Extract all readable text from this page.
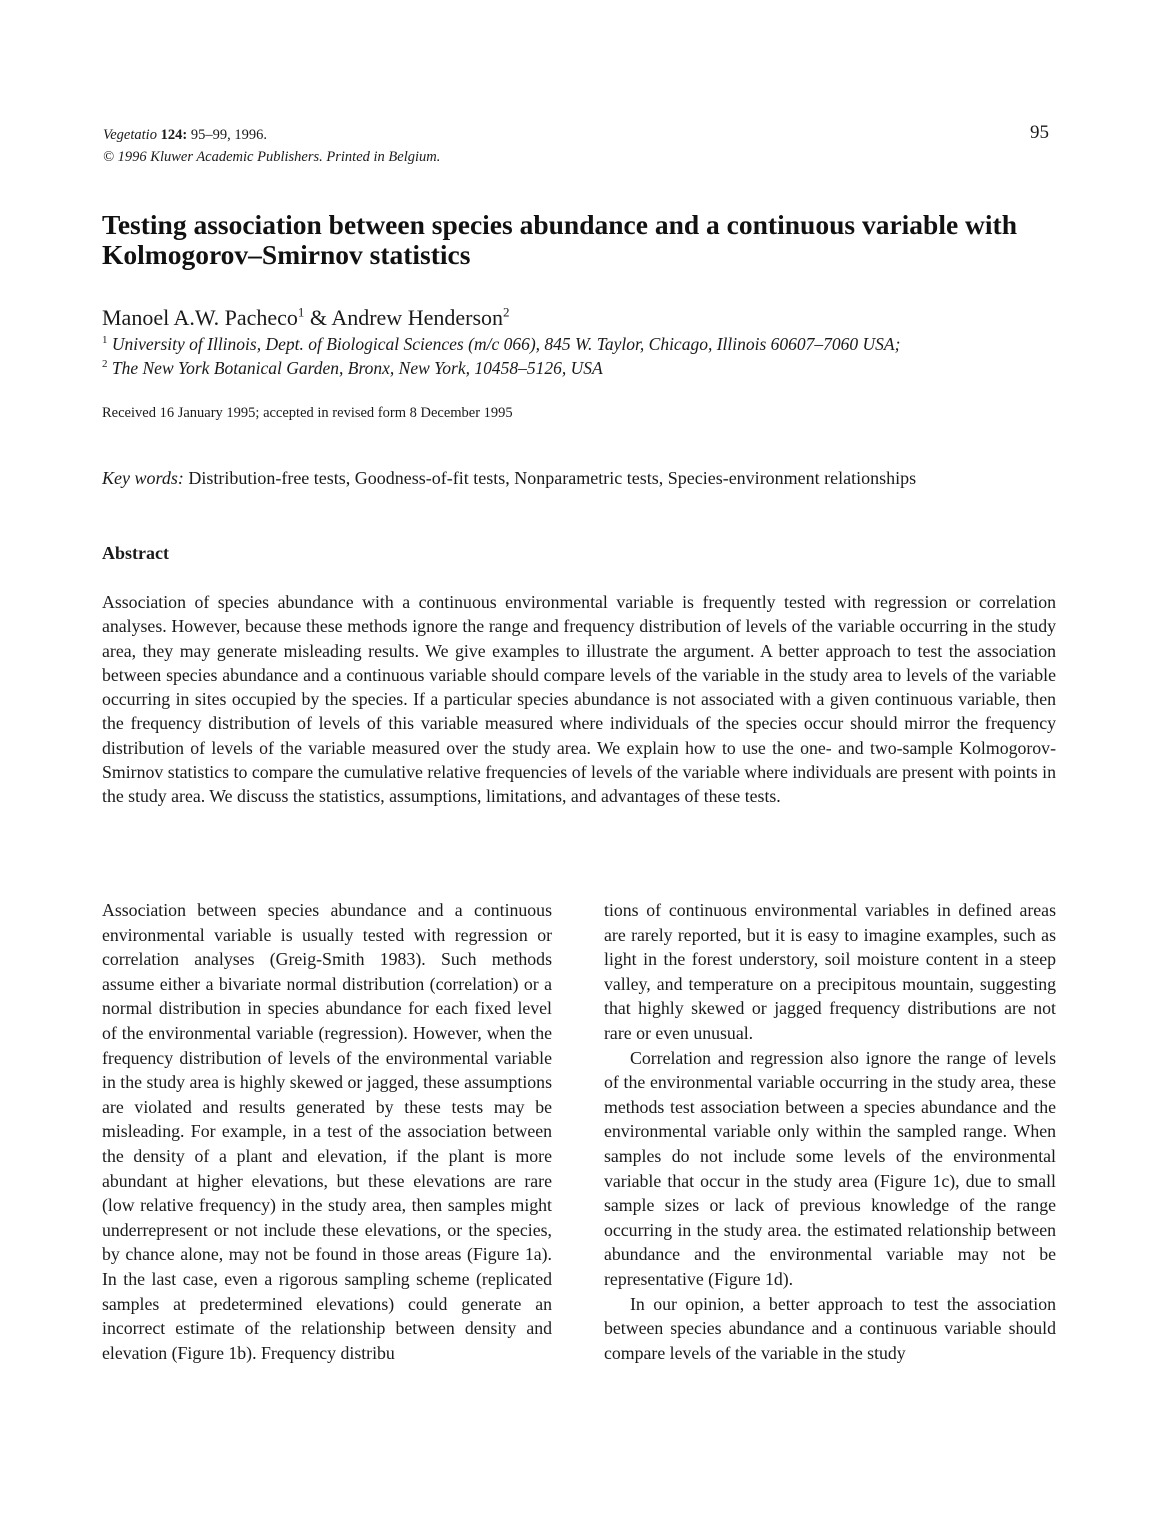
Vegetatio 124: 95–99, 1996.
© 1996 Kluwer Academic Publishers. Printed in Belgium.
95
Testing association between species abundance and a continuous variable with Kolmogorov–Smirnov statistics
Manoel A.W. Pacheco$^1$ & Andrew Henderson$^2$
$^1$ University of Illinois, Dept. of Biological Sciences (m/c 066), 845 W. Taylor, Chicago, Illinois 60607–7060 USA;
$^2$ The New York Botanical Garden, Bronx, New York, 10458–5126, USA
Received 16 January 1995; accepted in revised form 8 December 1995
Key words: Distribution-free tests, Goodness-of-fit tests, Nonparametric tests, Species-environment relationships
Abstract
Association of species abundance with a continuous environmental variable is frequently tested with regression or correlation analyses. However, because these methods ignore the range and frequency distribution of levels of the variable occurring in the study area, they may generate misleading results. We give examples to illustrate the argument. A better approach to test the association between species abundance and a continuous variable should compare levels of the variable in the study area to levels of the variable occurring in sites occupied by the species. If a particular species abundance is not associated with a given continuous variable, then the frequency distribution of levels of this variable measured where individuals of the species occur should mirror the frequency distribution of levels of the variable measured over the study area. We explain how to use the one- and two-sample Kolmogorov-Smirnov statistics to compare the cumulative relative frequencies of levels of the variable where individuals are present with points in the study area. We discuss the statistics, assumptions, limitations, and advantages of these tests.

Association between species abundance and a continuous environmental variable is usually tested with regression or correlation analyses (Greig-Smith 1983). Such methods assume either a bivariate normal distribution (correlation) or a normal distribution in species abundance for each fixed level of the environmental variable (regression). However, when the frequency distribution of levels of the environmental variable in the study area is highly skewed or jagged, these assumptions are violated and results generated by these tests may be misleading. For example, in a test of the association between the density of a plant and elevation, if the plant is more abundant at higher elevations, but these elevations are rare (low relative frequency) in the study area, then samples might underrepresent or not include these elevations, or the species, by chance alone, may not be found in those areas (Figure 1a). In the last case, even a rigorous sampling scheme (replicated samples at predetermined elevations) could generate an incorrect estimate of the relationship between density and elevation (Figure 1b). Frequency distribu

tions of continuous environmental variables in defined areas are rarely reported, but it is easy to imagine examples, such as light in the forest understory, soil moisture content in a steep valley, and temperature on a precipitous mountain, suggesting that highly skewed or jagged frequency distributions are not rare or even unusual.

Correlation and regression also ignore the range of levels of the environmental variable occurring in the study area, these methods test association between a species abundance and the environmental variable only within the sampled range. When samples do not include some levels of the environmental variable that occur in the study area (Figure 1c), due to small sample sizes or lack of previous knowledge of the range occurring in the study area. the estimated relationship between abundance and the environmental variable may not be representative (Figure 1d).

In our opinion, a better approach to test the association between species abundance and a continuous variable should compare levels of the variable in the study
